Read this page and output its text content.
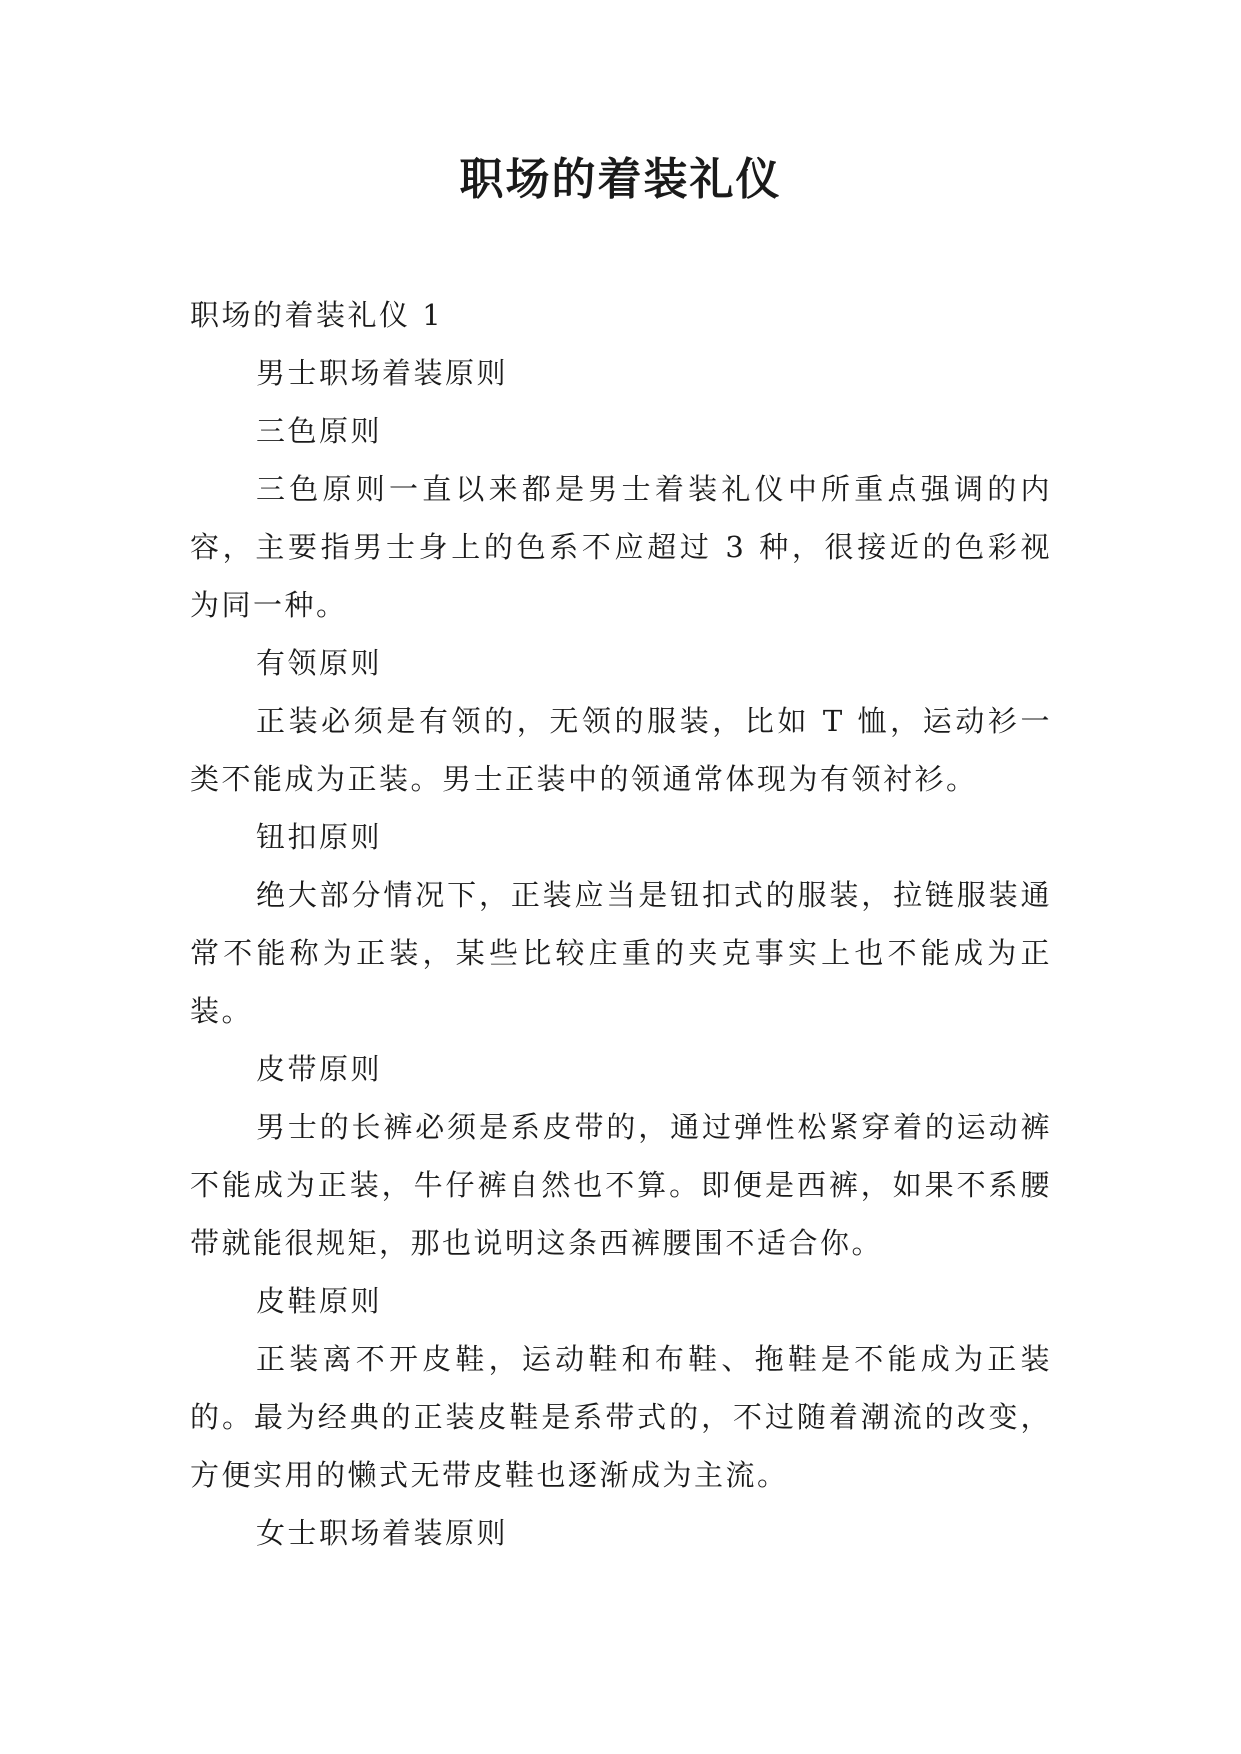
职场的着装礼仪

职场的着装礼仪 1

男士职场着装原则

三色原则

三色原则一直以来都是男士着装礼仪中所重点强调的内容，主要指男士身上的色系不应超过 3 种，很接近的色彩视为同一种。

有领原则

正装必须是有领的，无领的服装，比如 T 恤，运动衫一类不能成为正装。男士正装中的领通常体现为有领衬衫。

钮扣原则

绝大部分情况下，正装应当是钮扣式的服装，拉链服装通常不能称为正装，某些比较庄重的夹克事实上也不能成为正装。

皮带原则

男士的长裤必须是系皮带的，通过弹性松紧穿着的运动裤不能成为正装，牛仔裤自然也不算。即便是西裤，如果不系腰带就能很规矩，那也说明这条西裤腰围不适合你。

皮鞋原则

正装离不开皮鞋，运动鞋和布鞋、拖鞋是不能成为正装的。最为经典的正装皮鞋是系带式的，不过随着潮流的改变，方便实用的懒式无带皮鞋也逐渐成为主流。

女士职场着装原则
